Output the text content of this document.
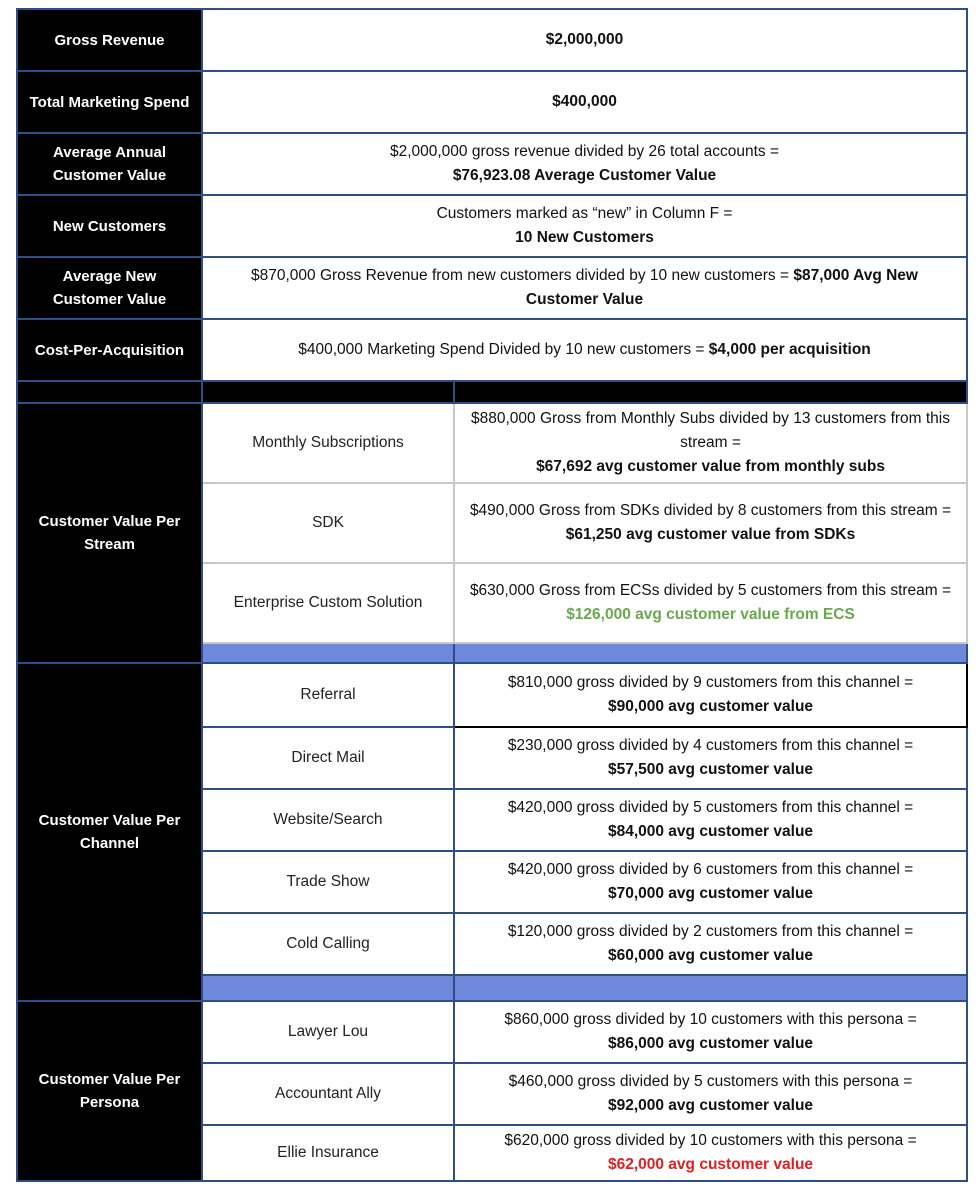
Gross Revenue	$2,000,000	
Total Marketing Spend	$400,000	
Average Annual Customer Value	$2,000,000 gross revenue divided by 26 total accounts =
$76,923.08 Average Customer Value	

New Customers	Customers marked as “new” in Column F =
10 New Customers	

Average New Customer Value	$870,000 Gross Revenue from new customers divided by 10 new customers = $87,000 Avg New Customer Value	
Cost-Per-Acquisition	$400,000 Marketing Spend Divided by 10 new customers = $4,000 per acquisition	

Customer Value Per Stream	Monthly Subscriptions	$880,000 Gross from Monthly Subs divided by 13 customers from this stream =
$67,692 avg customer value from monthly subs

	SDK	$490,000 Gross from SDKs divided by 8 customers from this stream =
$61,250 avg customer value from SDKs

	Enterprise Custom Solution	$630,000 Gross from ECSs divided by 5 customers from this stream =
$126,000 avg customer value from ECS

Customer Value Per Channel	Referral	$810,000 gross divided by 9 customers from this channel =
$90,000 avg customer value

	Direct Mail	$230,000 gross divided by 4 customers from this channel =
$57,500 avg customer value

	Website/Search	$420,000 gross divided by 5 customers from this channel =
$84,000 avg customer value

	Trade Show	$420,000 gross divided by 6 customers from this channel =
$70,000 avg customer value

	Cold Calling	$120,000 gross divided by 2 customers from this channel =
$60,000 avg customer value

Customer Value Per Persona	Lawyer Lou	$860,000 gross divided by 10 customers with this persona =
$86,000 avg customer value

	Accountant Ally	$460,000 gross divided by 5 customers with this persona =
$92,000 avg customer value

	Ellie Insurance	$620,000 gross divided by 10 customers with this persona =
$62,000 avg customer value
